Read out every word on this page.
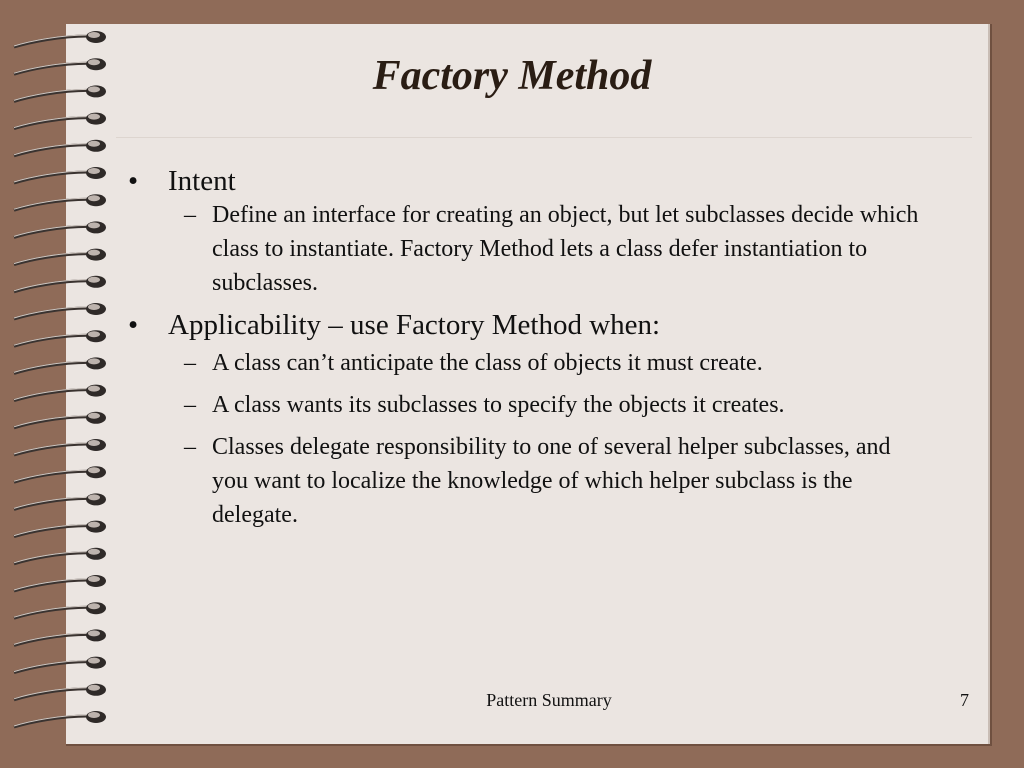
Factory Method
•	Intent
– Define an interface for creating an object, but let subclasses decide which class to instantiate. Factory Method lets a class defer instantiation to subclasses.
•	Applicability – use Factory Method when:
– A class can’t anticipate the class of objects it must create.
– A class wants its subclasses to specify the objects it creates.
– Classes delegate responsibility to one of several helper subclasses, and you want to localize the knowledge of which helper subclass is the delegate.
Pattern Summary	7
